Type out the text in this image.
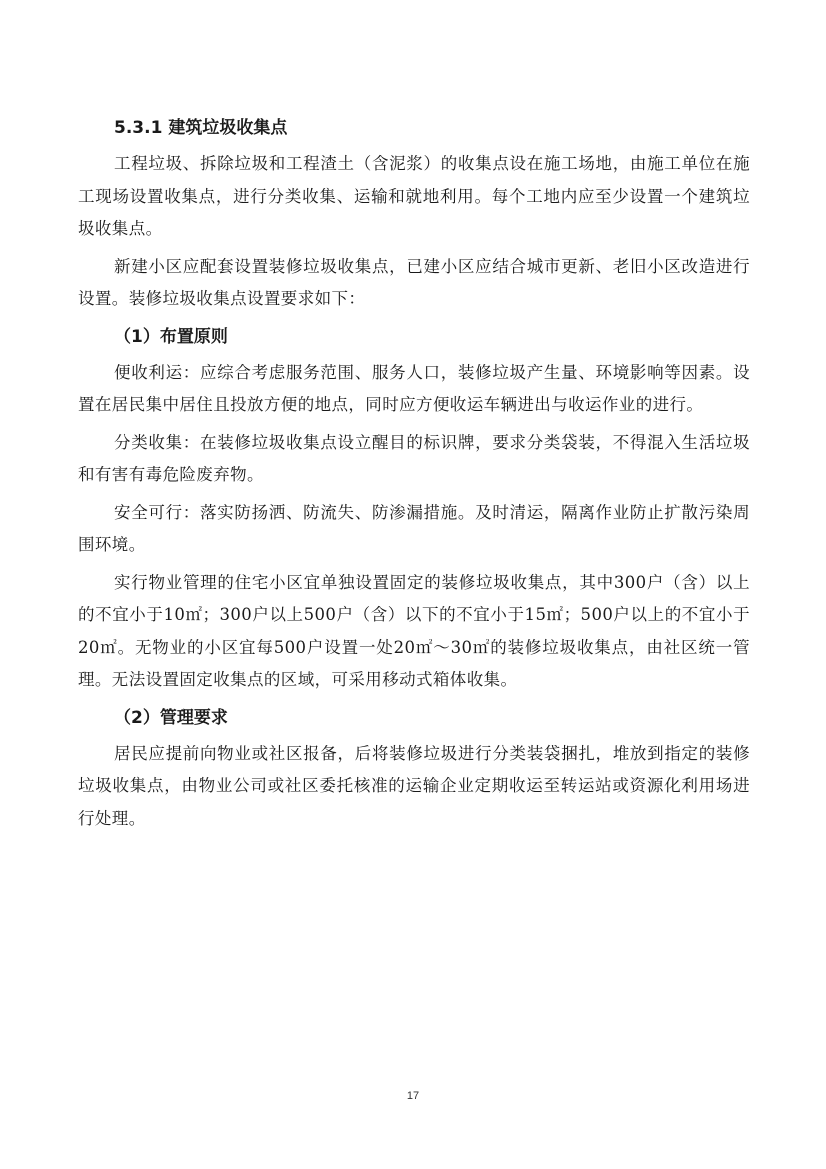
5.3.1 建筑垃圾收集点

工程垃圾、拆除垃圾和工程渣土（含泥浆）的收集点设在施工场地，由施工单位在施工现场设置收集点，进行分类收集、运输和就地利用。每个工地内应至少设置一个建筑垃圾收集点。

新建小区应配套设置装修垃圾收集点，已建小区应结合城市更新、老旧小区改造进行设置。装修垃圾收集点设置要求如下：

（1）布置原则

便收利运：应综合考虑服务范围、服务人口，装修垃圾产生量、环境影响等因素。设置在居民集中居住且投放方便的地点，同时应方便收运车辆进出与收运作业的进行。

分类收集：在装修垃圾收集点设立醒目的标识牌，要求分类袋装，不得混入生活垃圾和有害有毒危险废弃物。

安全可行：落实防扬洒、防流失、防渗漏措施。及时清运，隔离作业防止扩散污染周围环境。

实行物业管理的住宅小区宜单独设置固定的装修垃圾收集点，其中300户（含）以上的不宜小于10㎡；300户以上500户（含）以下的不宜小于15㎡；500户以上的不宜小于20㎡。无物业的小区宜每500户设置一处20㎡～30㎡的装修垃圾收集点，由社区统一管理。无法设置固定收集点的区域，可采用移动式箱体收集。

（2）管理要求

居民应提前向物业或社区报备，后将装修垃圾进行分类装袋捆扎，堆放到指定的装修垃圾收集点，由物业公司或社区委托核准的运输企业定期收运至转运站或资源化利用场进行处理。

17
